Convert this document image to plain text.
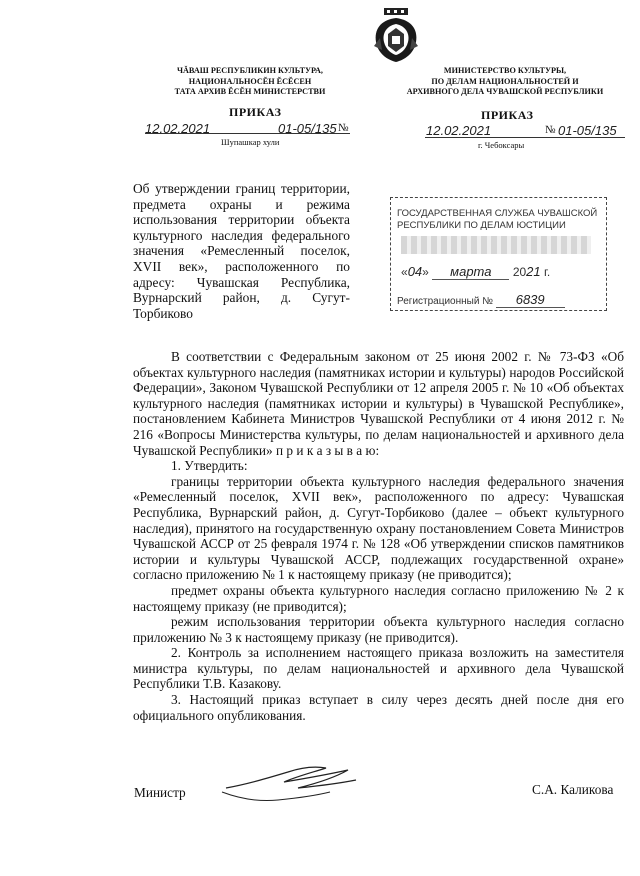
ЧĂВАШ РЕСПУБЛИКИН КУЛЬТУРА,
НАЦИОНАЛЬНОСĔН ĔСĔСЕН
ТАТА АРХИВ ĔСĔН МИНИСТЕРСТВИ
ПРИКАЗ
12.02.2021	01-05/135 №
Шупашкар хули
МИНИСТЕРСТВО КУЛЬТУРЫ,
ПО ДЕЛАМ НАЦИОНАЛЬНОСТЕЙ И
АРХИВНОГО ДЕЛА ЧУВАШСКОЙ РЕСПУБЛИКИ
ПРИКАЗ
12.02.2021	№ 01-05/135
г. Чебоксары
Об утверждении границ территории, предмета охраны и режима использования территории объекта культурного наследия федерального значения «Ремесленный поселок, XVII век», расположенного по адресу: Чувашская Республика, Вурнарский район, д. Сугут-Торбиково
ГОСУДАРСТВЕННАЯ СЛУЖБА ЧУВАШСКОЙ
РЕСПУБЛИКИ ПО ДЕЛАМ ЮСТИЦИИ
«04» марта 2021 г.
Регистрационный № 6839

В соответствии с Федеральным законом от 25 июня 2002 г. № 73-ФЗ «Об объектах культурного наследия (памятниках истории и культуры) народов Российской Федерации», Законом Чувашской Республики от 12 апреля 2005 г. № 10 «Об объектах культурного наследия (памятниках истории и культуры) в Чувашской Республике», постановлением Кабинета Министров Чувашской Республики от 4 июня 2012 г. № 216 «Вопросы Министерства культуры, по делам национальностей и архивного дела Чувашской Республики» п р и к а з ы в а ю:

1. Утвердить:

границы территории объекта культурного наследия федерального значения «Ремесленный поселок, XVII век», расположенного по адресу: Чувашская Республика, Вурнарский район, д. Сугут-Торбиково (далее – объект культурного наследия), принятого на государственную охрану постановлением Совета Министров Чувашской АССР от 25 февраля 1974 г. № 128 «Об утверждении списков памятников истории и культуры Чувашской АССР, подлежащих государственной охране» согласно приложению № 1 к настоящему приказу (не приводится);

предмет охраны объекта культурного наследия согласно приложению № 2 к настоящему приказу (не приводится);

режим использования территории объекта культурного наследия согласно приложению № 3 к настоящему приказу (не приводится).

2. Контроль за исполнением настоящего приказа возложить на заместителя министра культуры, по делам национальностей и архивного дела Чувашской Республики Т.В. Казакову.

3. Настоящий приказ вступает в силу через десять дней после дня его официального опубликования.

Министр	С.А. Каликова
